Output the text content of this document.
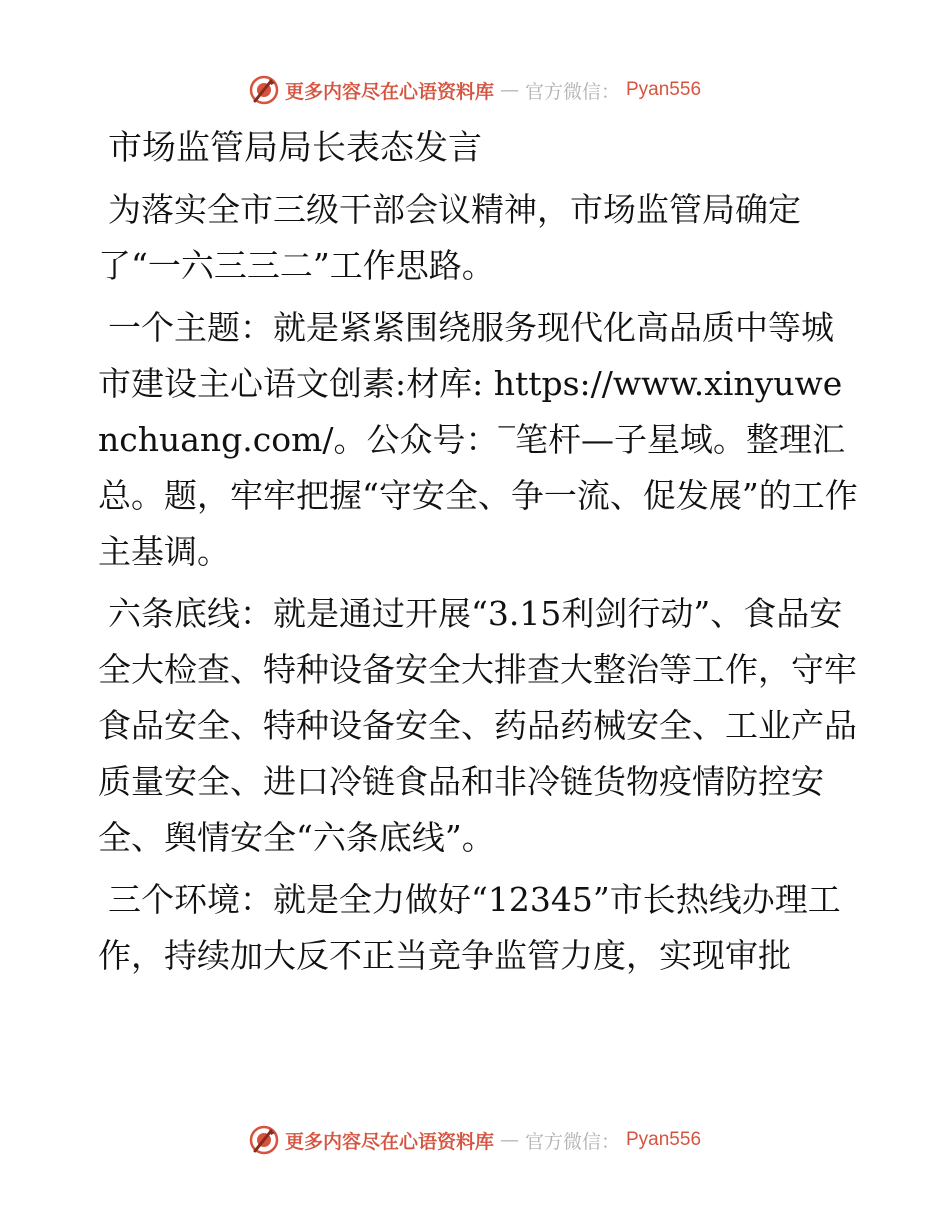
更多内容尽在心语资料库 — 官方微信： Pyan556
市场监管局局长表态发言

为落实全市三级干部会议精神，市场监管局确定了“一六三三二”工作思路。

一个主题：就是紧紧围绕服务现代化高品质中等城市建设主心语文创素:材库: https://www.xinyuwenchuang.com/。公众号：‾笔杆—子星域。整理汇总。题，牢牢把握“守安全、争一流、促发展”的工作主基调。

六条底线：就是通过开展“3.15利剑行动”、食品安全大检查、特种设备安全大排查大整治等工作，守牢食品安全、特种设备安全、药品药械安全、工业产品质量安全、进口冷链食品和非冷链货物疫情防控安全、舆情安全“六条底线”。

三个环境：就是全力做好“12345”市长热线办理工作，持续加大反不正当竞争监管力度，实现审批

更多内容尽在心语资料库 — 官方微信： Pyan556
